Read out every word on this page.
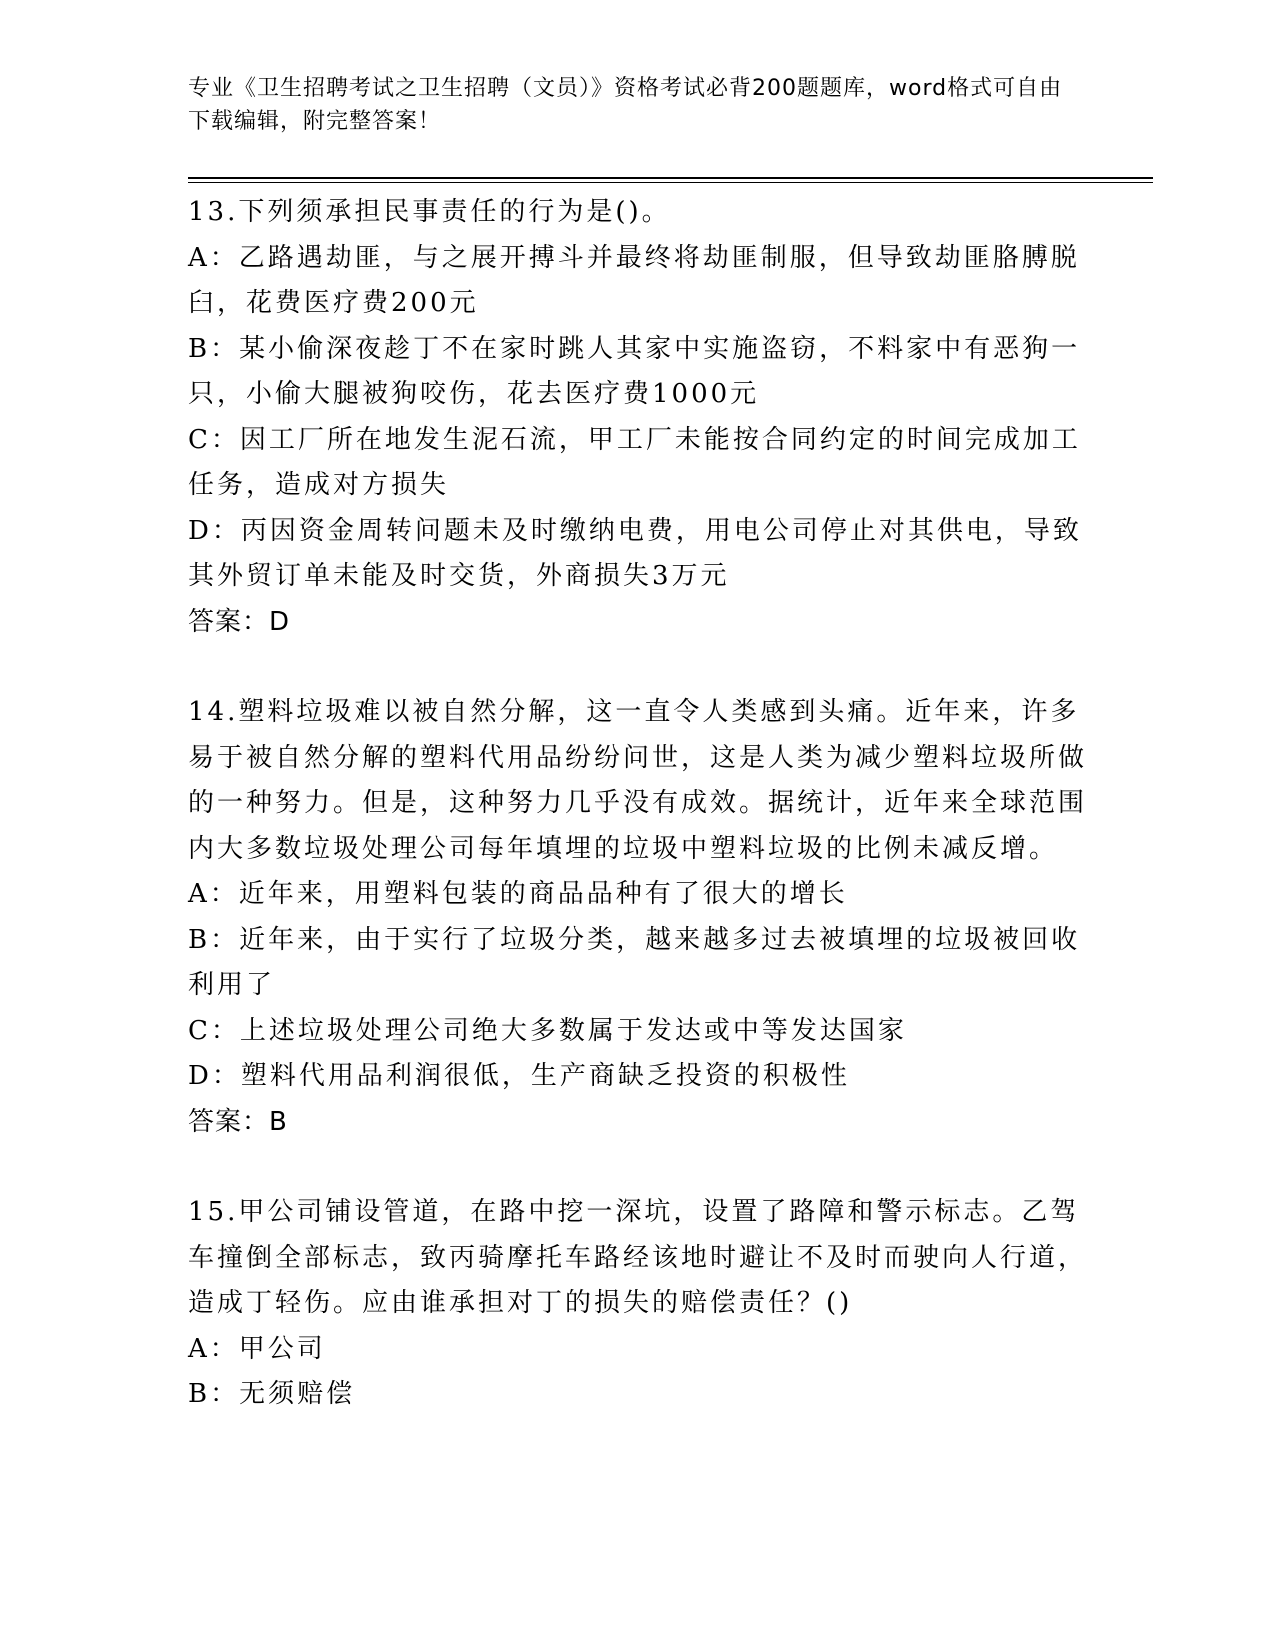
专业《卫生招聘考试之卫生招聘（文员）》资格考试必背200题题库，word格式可自由下载编辑，附完整答案！

13.下列须承担民事责任的行为是()。

A：乙路遇劫匪，与之展开搏斗并最终将劫匪制服，但导致劫匪胳膊脱臼，花费医疗费200元

B：某小偷深夜趁丁不在家时跳人其家中实施盗窃，不料家中有恶狗一只，小偷大腿被狗咬伤，花去医疗费1000元

C：因工厂所在地发生泥石流，甲工厂未能按合同约定的时间完成加工任务，造成对方损失

D：丙因资金周转问题未及时缴纳电费，用电公司停止对其供电，导致其外贸订单未能及时交货，外商损失3万元

答案：D

14.塑料垃圾难以被自然分解，这一直令人类感到头痛。近年来，许多易于被自然分解的塑料代用品纷纷问世，这是人类为减少塑料垃圾所做的一种努力。但是，这种努力几乎没有成效。据统计，近年来全球范围内大多数垃圾处理公司每年填埋的垃圾中塑料垃圾的比例未减反增。

A：近年来，用塑料包装的商品品种有了很大的增长

B：近年来，由于实行了垃圾分类，越来越多过去被填埋的垃圾被回收利用了

C：上述垃圾处理公司绝大多数属于发达或中等发达国家

D：塑料代用品利润很低，生产商缺乏投资的积极性

答案：B

15.甲公司铺设管道，在路中挖一深坑，设置了路障和警示标志。乙驾车撞倒全部标志，致丙骑摩托车路经该地时避让不及时而驶向人行道，造成丁轻伤。应由谁承担对丁的损失的赔偿责任？()

A：甲公司

B：无须赔偿
